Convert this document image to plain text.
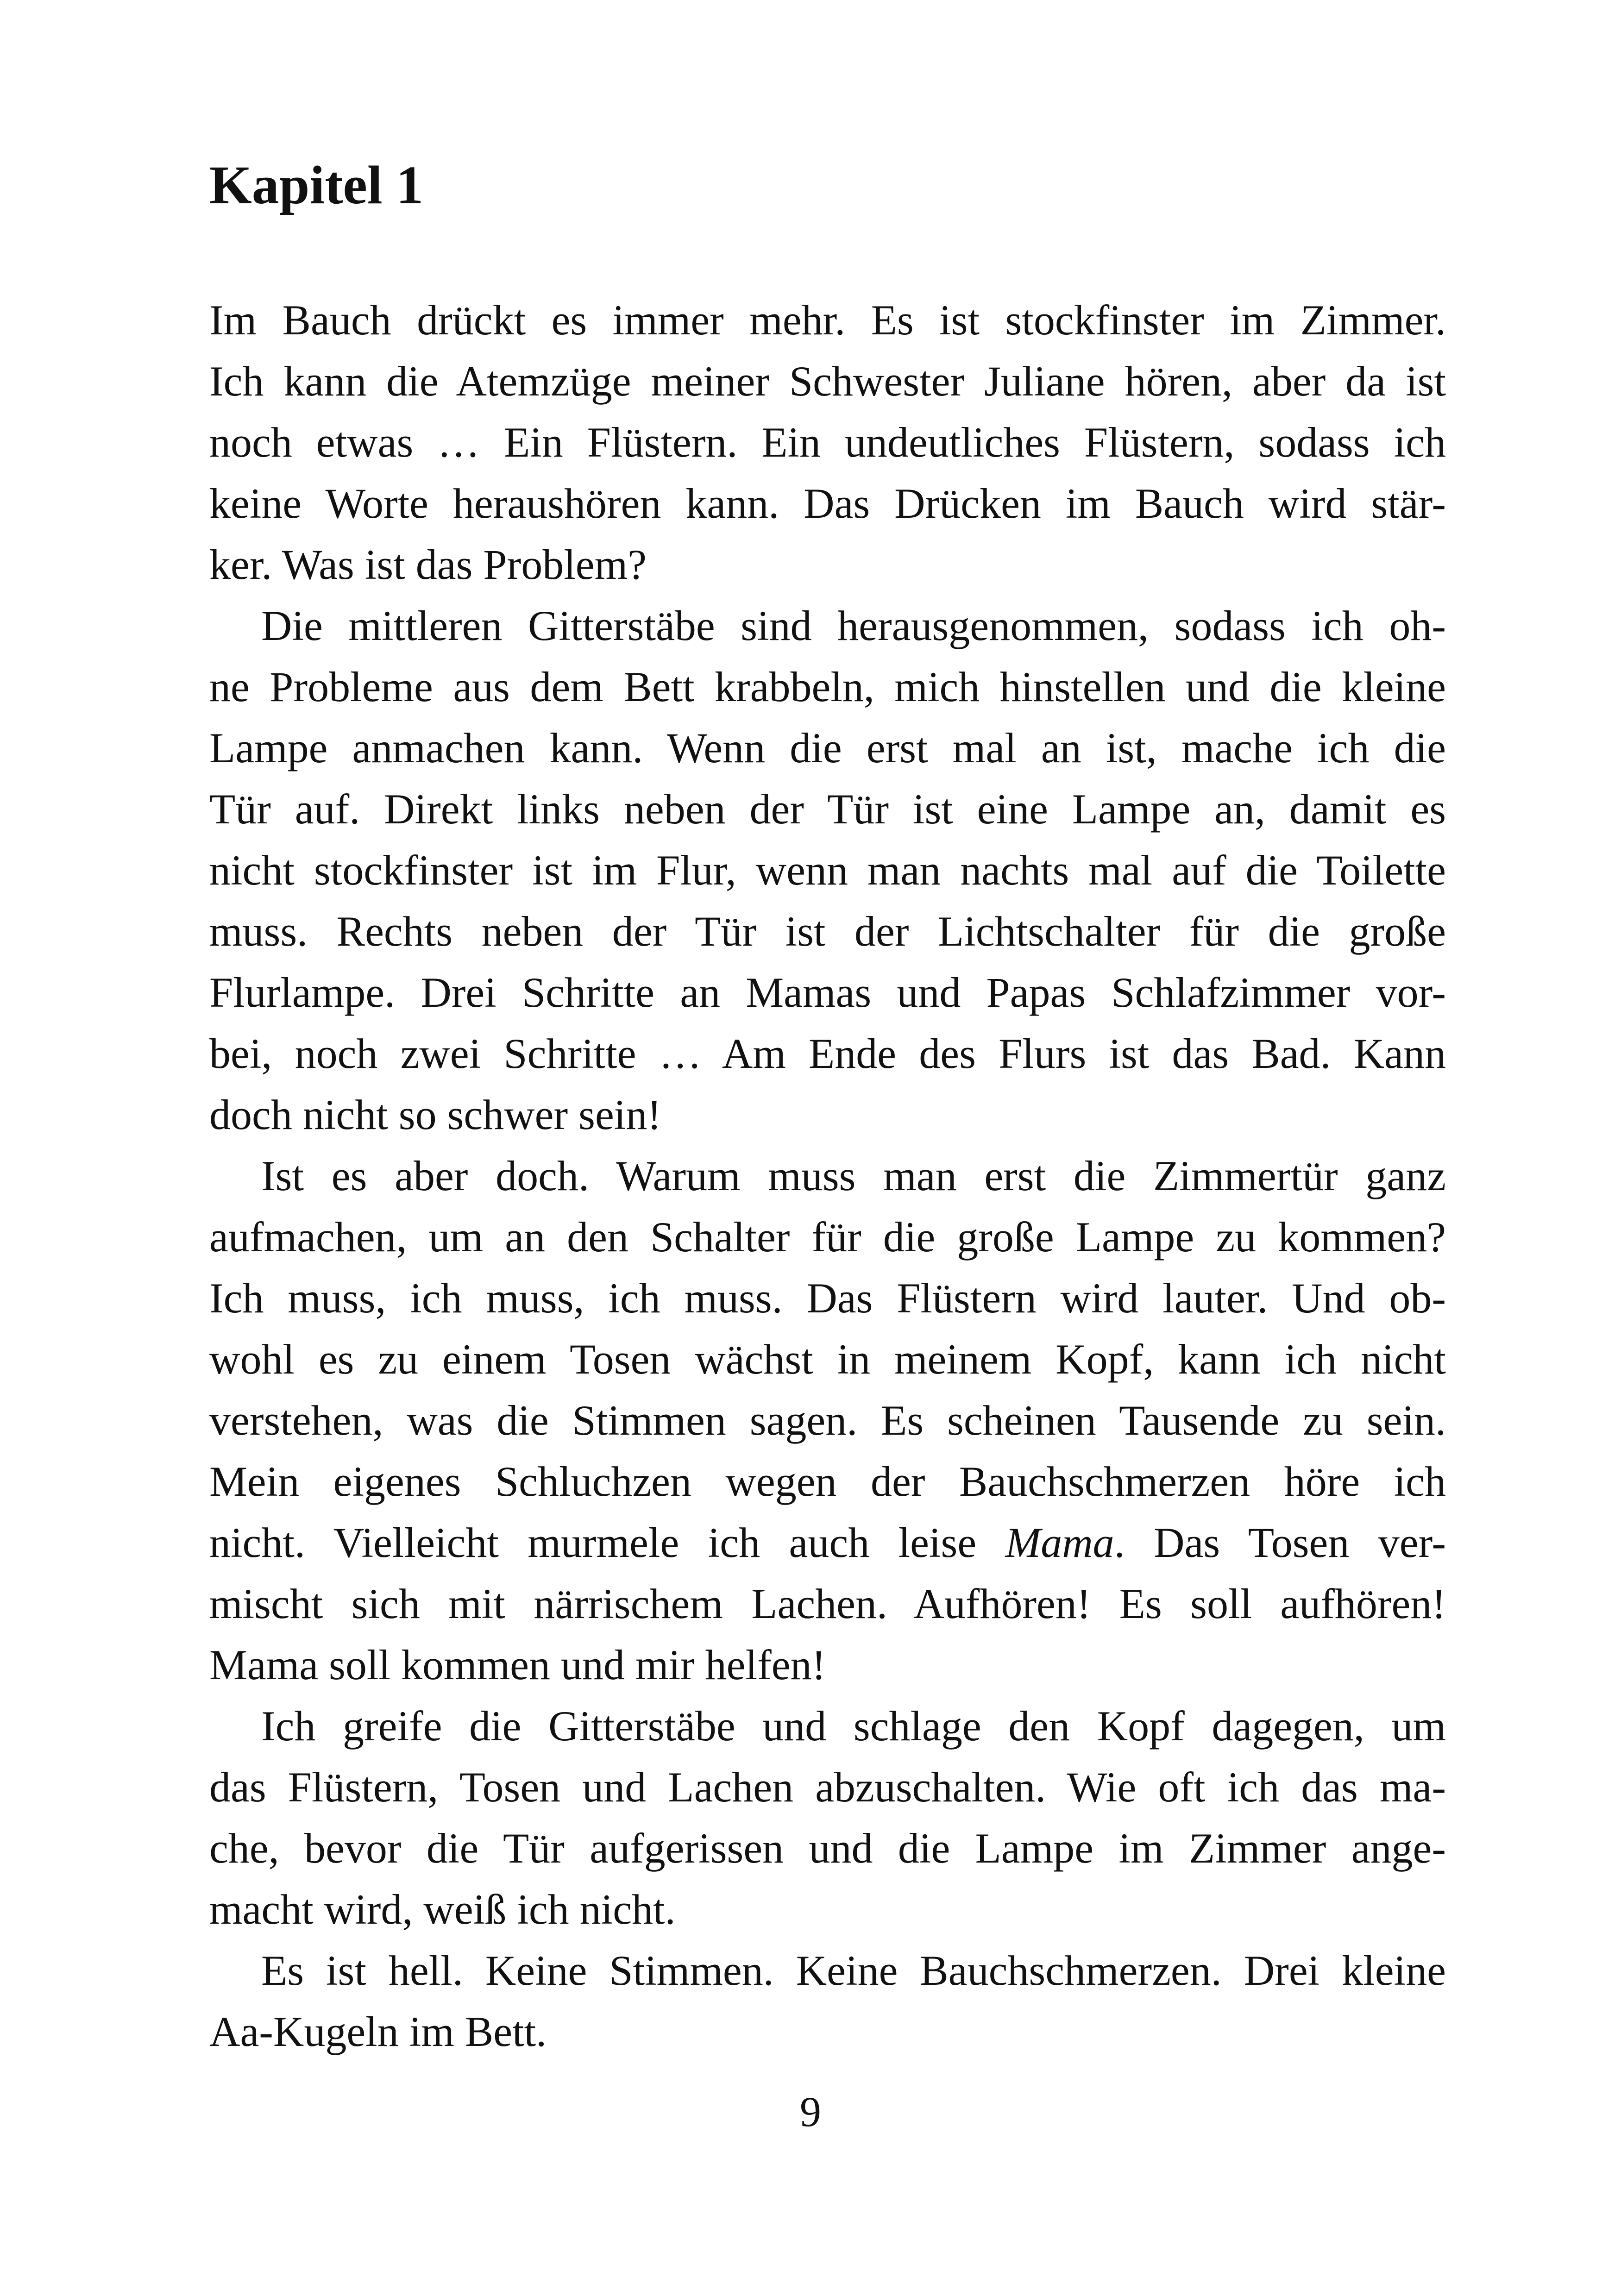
Kapitel 1

Im Bauch drückt es immer mehr. Es ist stockfinster im Zimmer.
Ich kann die Atemzüge meiner Schwester Juliane hören, aber da ist
noch etwas … Ein Flüstern. Ein undeutliches Flüstern, sodass ich
keine Worte heraushören kann. Das Drücken im Bauch wird stär-
ker. Was ist das Problem?

Die mittleren Gitterstäbe sind herausgenommen, sodass ich oh-
ne Probleme aus dem Bett krabbeln, mich hinstellen und die kleine
Lampe anmachen kann. Wenn die erst mal an ist, mache ich die
Tür auf. Direkt links neben der Tür ist eine Lampe an, damit es
nicht stockfinster ist im Flur, wenn man nachts mal auf die Toilette
muss. Rechts neben der Tür ist der Lichtschalter für die große
Flurlampe. Drei Schritte an Mamas und Papas Schlafzimmer vor-
bei, noch zwei Schritte … Am Ende des Flurs ist das Bad. Kann
doch nicht so schwer sein!

Ist es aber doch. Warum muss man erst die Zimmertür ganz
aufmachen, um an den Schalter für die große Lampe zu kommen?
Ich muss, ich muss, ich muss. Das Flüstern wird lauter. Und ob-
wohl es zu einem Tosen wächst in meinem Kopf, kann ich nicht
verstehen, was die Stimmen sagen. Es scheinen Tausende zu sein.
Mein eigenes Schluchzen wegen der Bauchschmerzen höre ich
nicht. Vielleicht murmele ich auch leise Mama. Das Tosen ver-
mischt sich mit närrischem Lachen. Aufhören! Es soll aufhören!
Mama soll kommen und mir helfen!

Ich greife die Gitterstäbe und schlage den Kopf dagegen, um
das Flüstern, Tosen und Lachen abzuschalten. Wie oft ich das ma-
che, bevor die Tür aufgerissen und die Lampe im Zimmer ange-
macht wird, weiß ich nicht.

Es ist hell. Keine Stimmen. Keine Bauchschmerzen. Drei kleine
Aa-Kugeln im Bett.

9
